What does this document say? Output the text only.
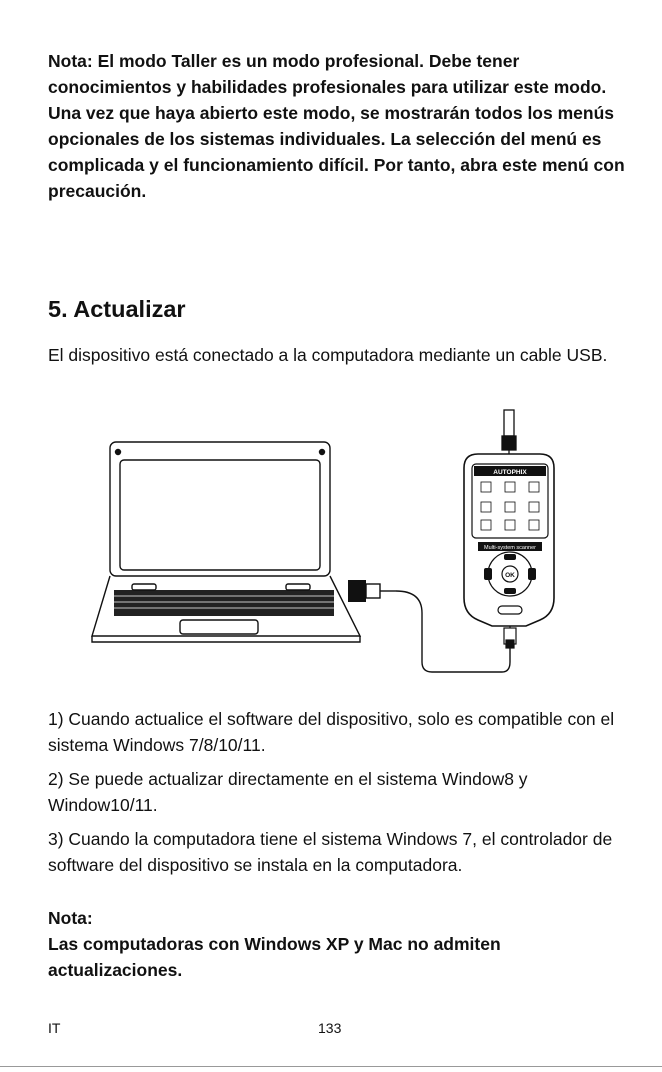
Nota: El modo Taller es un modo profesional. Debe tener conocimientos y habilidades profesionales para utilizar este modo.

Una vez que haya abierto este modo, se mostrarán todos los menús opcionales de los sistemas individuales. La selección del menú es complicada y el funcionamiento difícil. Por tanto, abra este menú con precaución.

5. Actualizar

El dispositivo está conectado a la computadora mediante un cable USB.

AUTOPHIX
Multi-system scanner
OK

1) Cuando actualice el software del dispositivo, solo es compatible con el sistema Windows 7/8/10/11.

2) Se puede actualizar directamente en el sistema Window8 y Window10/11.

3) Cuando la computadora tiene el sistema Windows 7, el controlador de software del dispositivo se instala en la computadora.

Nota:

Las computadoras con Windows XP y Mac no admiten actualizaciones.

IT	133
